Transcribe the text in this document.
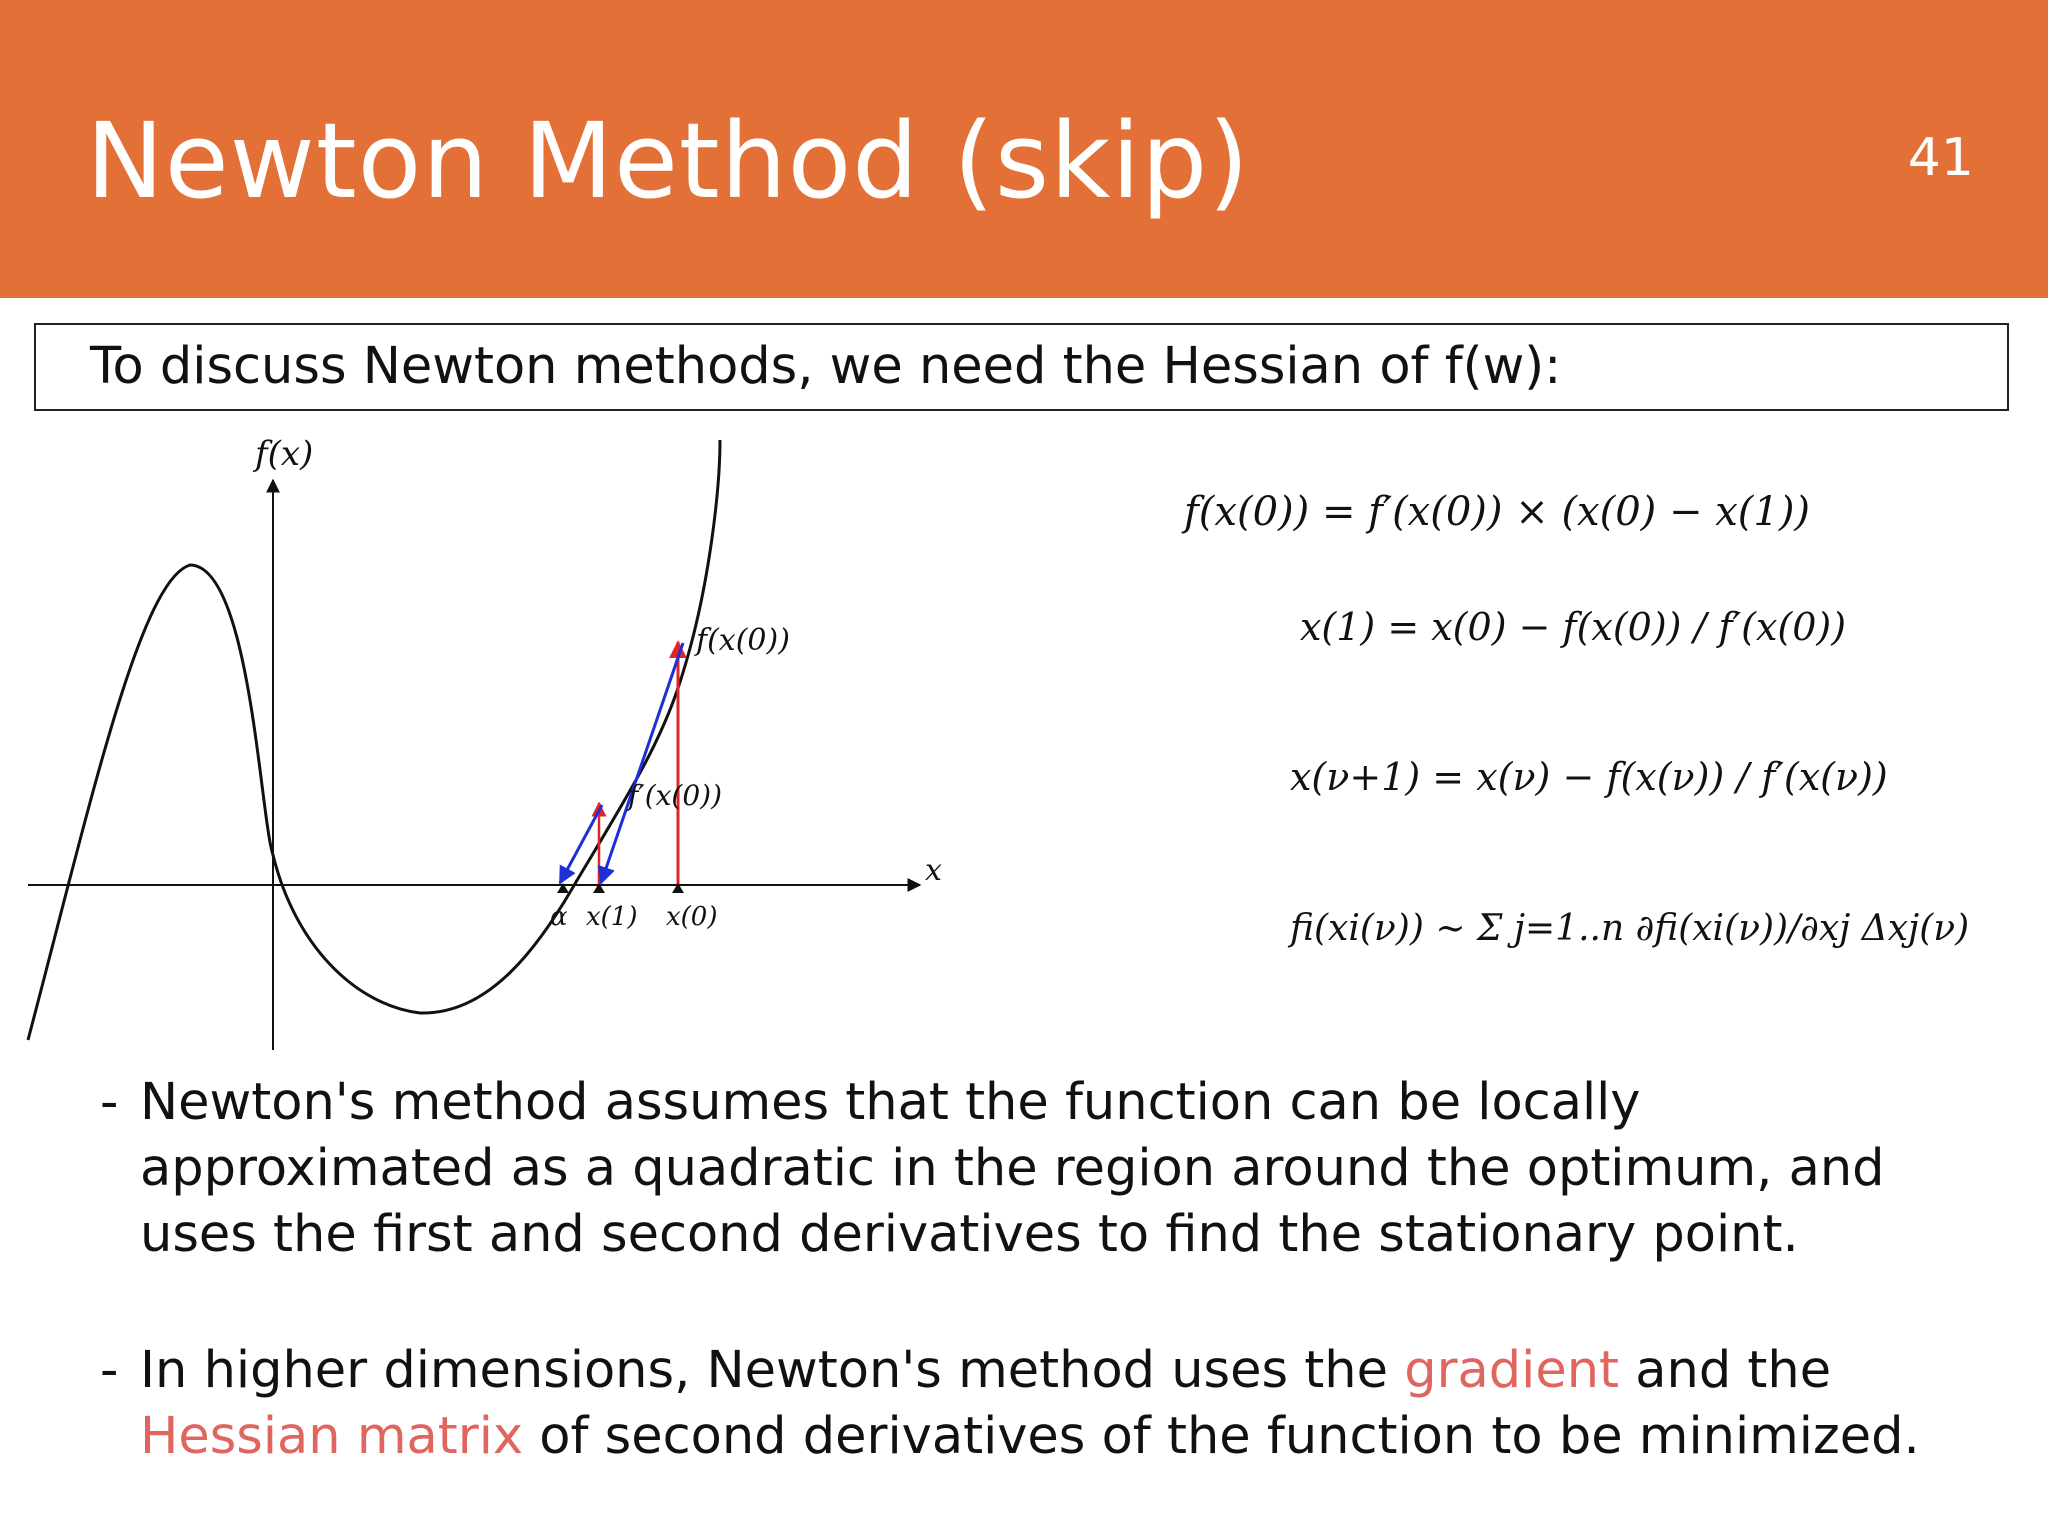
Newton Method (skip)	41
To discuss Newton methods, we need the Hessian of f(w):
f(x)
x
f(x(0))
f′(x(0))
α x(1) x(0)
f(x(0)) = f′(x(0)) × (x(0) − x(1))
x(1) = x(0) − f(x(0)) / f′(x(0))
x(ν+1) = x(ν) − f(x(ν)) / f′(x(ν))
fi(xi(ν)) ~ Σ j=1..n ∂fi(xi(ν))/∂xj Δxj(ν)
- Newton's method assumes that the function can be locally approximated as a quadratic in the region around the optimum, and uses the first and second derivatives to find the stationary point.
- In higher dimensions, Newton's method uses the gradient and the Hessian matrix of second derivatives of the function to be minimized.
